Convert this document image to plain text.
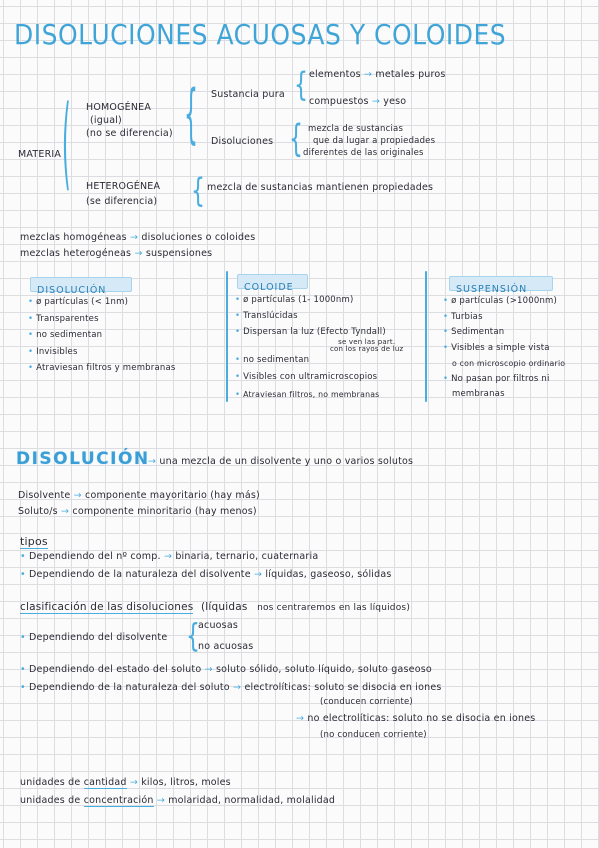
DISOLUCIONES ACUOSAS Y COLOIDES
MATERIA ( HOMOGÉNEA
(igual)
(no se diferencia) { Sustancia pura { elementos → metales puros
compuestos → yeso
Disoluciones { mezcla de sustancias
que da lugar a propiedades
diferentes de las originales
HETEROGÉNEA
(se diferencia) { mezcla de sustancias mantienen propiedades
mezclas homogéneas → disoluciones o coloides
mezclas heterogéneas → suspensiones
DISOLUCIÓN	COLOIDE	SUSPENSIÓN
• ø partículas (< 1nm)
• Transparentes
• no sedimentan
• Invisibles
• Atraviesan filtros y membranas
• ø partículas (1- 1000nm)
• Translúcidas
• Dispersan la luz (Efecto Tyndall)
se ven las part.
con los rayos de luz
• no sedimentan
• Visibles con ultramicroscopios
• Atraviesan filtros, no membranas
• ø partículas (>1000nm)
• Turbias
• Sedimentan
• Visibles a simple vista
o con microscopio ordinario
• No pasan por filtros ni
membranas
DISOLUCIÓN
→ una mezcla de un disolvente y uno o varios solutos
Disolvente → componente mayoritario (hay más)
Soluto/s → componente minoritario (hay menos)
tipos
• Dependiendo del nº comp. → binaria, ternario, cuaternaria
• Dependiendo de la naturaleza del disolvente → líquidas, gaseoso, sólidas
clasificación de las disoluciones (líquidas nos centraremos en las líquidos)
• Dependiendo del disolvente {
acuosas
no acuosas
• Dependiendo del estado del soluto → soluto sólido, soluto líquido, soluto gaseoso
• Dependiendo de la naturaleza del soluto → electrolíticas: soluto se disocia en iones
(conducen corriente)
→ no electrolíticas: soluto no se disocia en iones
(no conducen corriente)
unidades de cantidad → kilos, litros, moles
unidades de concentración → molaridad, normalidad, molalidad
